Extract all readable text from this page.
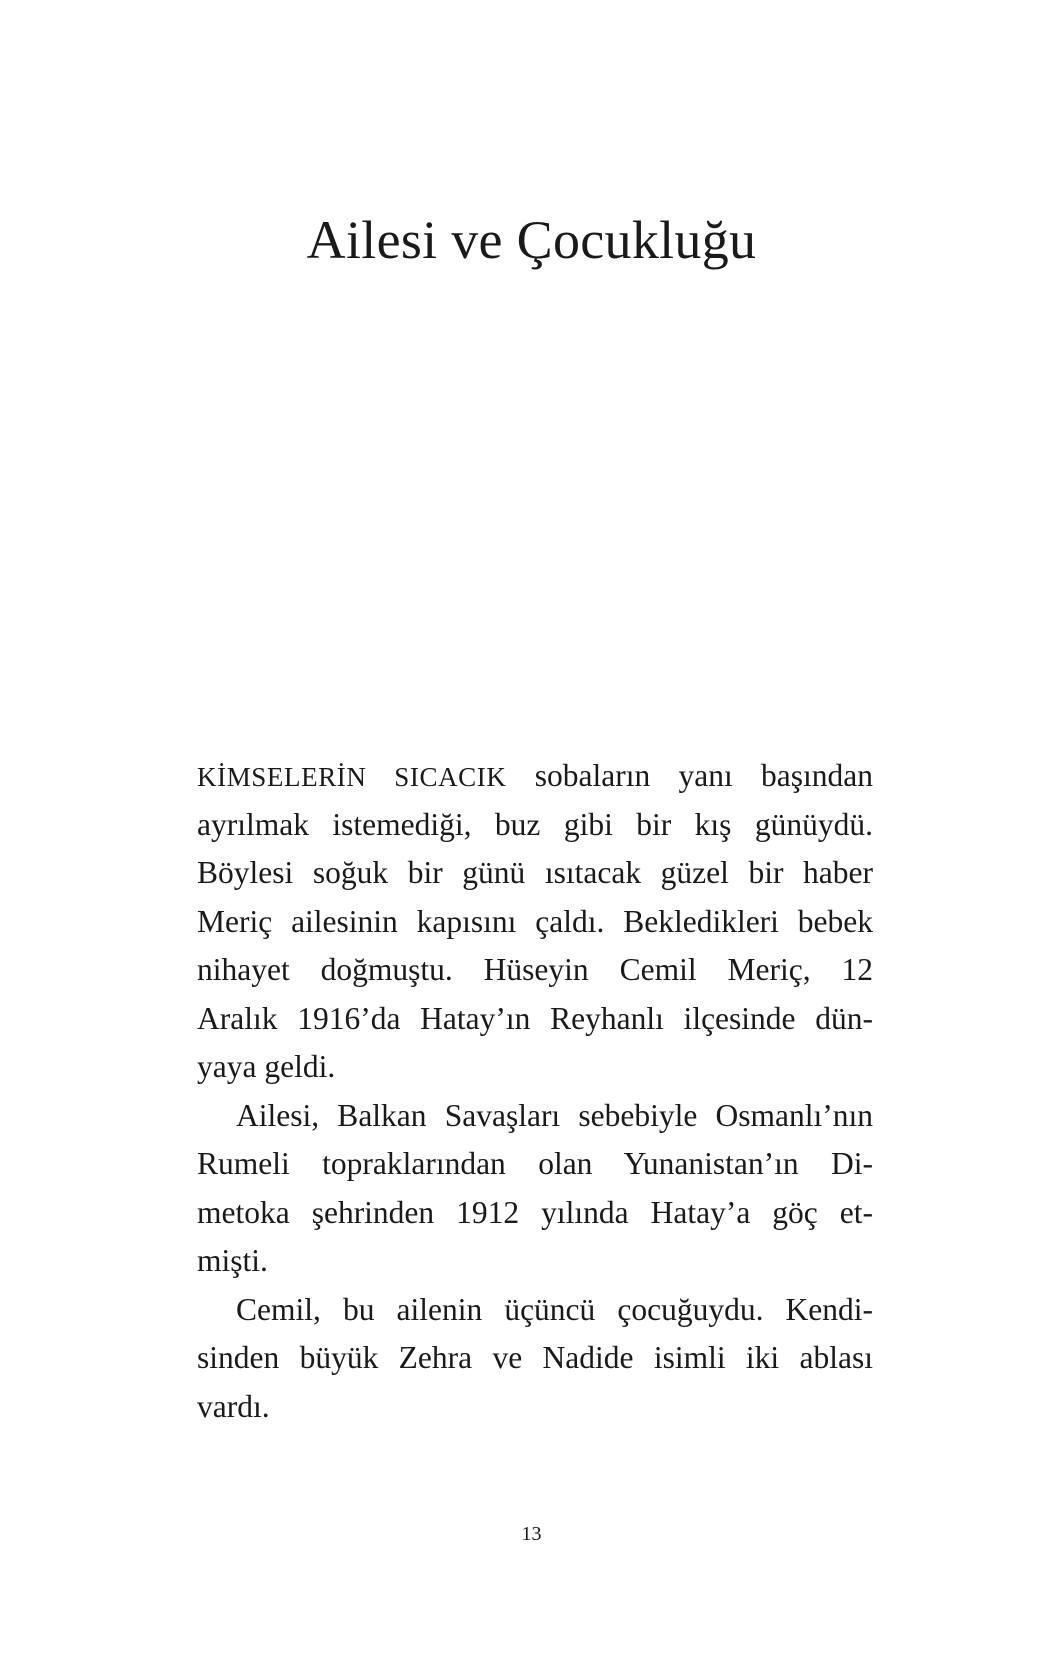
Ailesi ve Çocukluğu
KİMSELERİN SICACIK sobaların yanı başından
ayrılmak istemediği, buz gibi bir kış günüydü.
Böylesi soğuk bir günü ısıtacak güzel bir haber
Meriç ailesinin kapısını çaldı. Bekledikleri bebek
nihayet doğmuştu. Hüseyin Cemil Meriç, 12
Aralık 1916’da Hatay’ın Reyhanlı ilçesinde dün-
yaya geldi.
Ailesi, Balkan Savaşları sebebiyle Osmanlı’nın
Rumeli topraklarından olan Yunanistan’ın Di-
metoka şehrinden 1912 yılında Hatay’a göç et-
mişti.
Cemil, bu ailenin üçüncü çocuğuydu. Kendi-
sinden büyük Zehra ve Nadide isimli iki ablası
vardı.
13
